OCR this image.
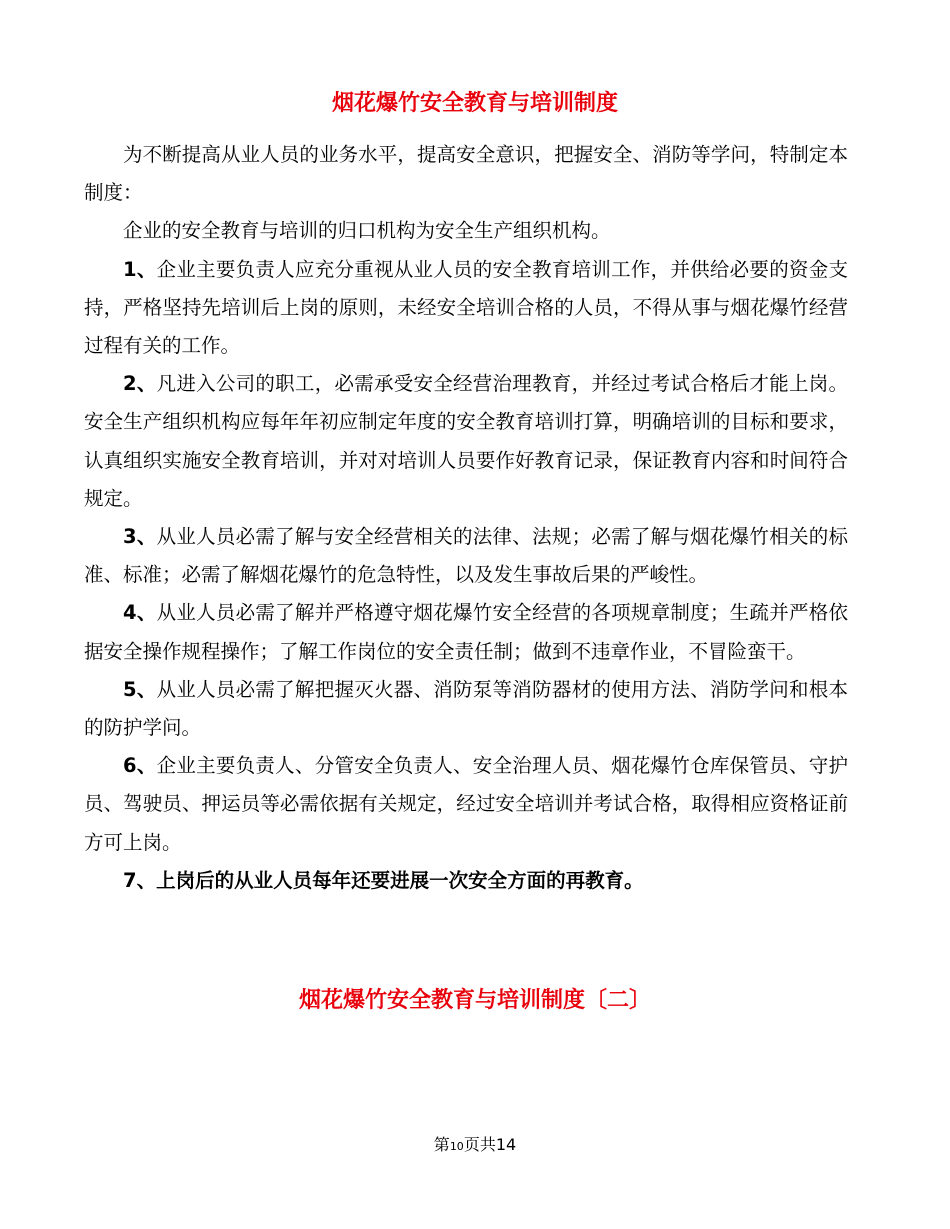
烟花爆竹安全教育与培训制度

为不断提高从业人员的业务水平，提高安全意识，把握安全、消防等学问，特制定本制度：

企业的安全教育与培训的归口机构为安全生产组织机构。

1、企业主要负责人应充分重视从业人员的安全教育培训工作，并供给必要的资金支持，严格坚持先培训后上岗的原则，未经安全培训合格的人员，不得从事与烟花爆竹经营过程有关的工作。

2、凡进入公司的职工，必需承受安全经营治理教育，并经过考试合格后才能上岗。安全生产组织机构应每年年初应制定年度的安全教育培训打算，明确培训的目标和要求，认真组织实施安全教育培训，并对对培训人员要作好教育记录，保证教育内容和时间符合规定。

3、从业人员必需了解与安全经营相关的法律、法规；必需了解与烟花爆竹相关的标准、标准；必需了解烟花爆竹的危急特性，以及发生事故后果的严峻性。

4、从业人员必需了解并严格遵守烟花爆竹安全经营的各项规章制度；生疏并严格依据安全操作规程操作；了解工作岗位的安全责任制；做到不违章作业，不冒险蛮干。

5、从业人员必需了解把握灭火器、消防泵等消防器材的使用方法、消防学问和根本的防护学问。

6、企业主要负责人、分管安全负责人、安全治理人员、烟花爆竹仓库保管员、守护员、驾驶员、押运员等必需依据有关规定，经过安全培训并考试合格，取得相应资格证前方可上岗。

7、上岗后的从业人员每年还要进展一次安全方面的再教育。

烟花爆竹安全教育与培训制度〔二〕
第10页共14
